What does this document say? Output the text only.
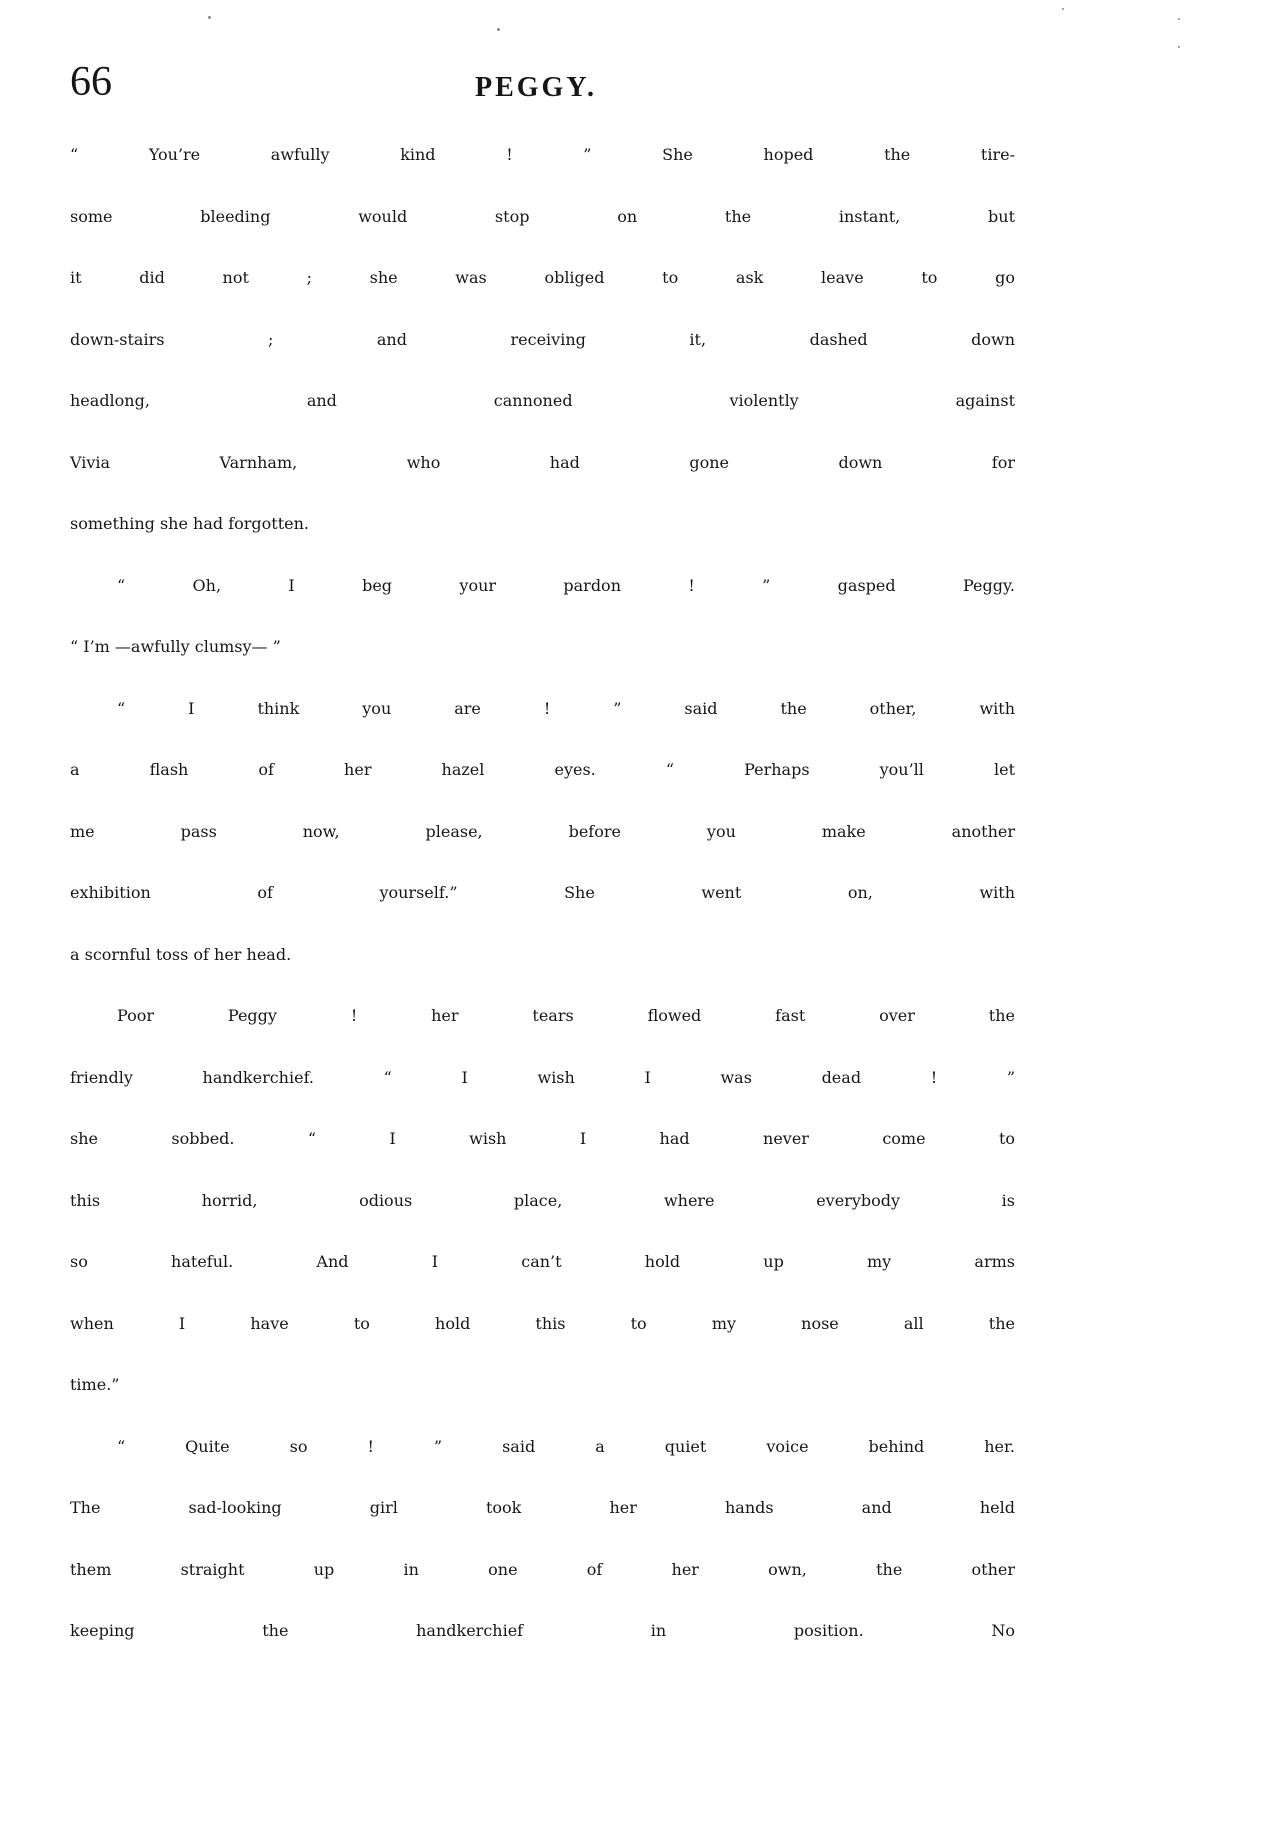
66	PEGGY.
“ You’re awfully kind ! ” She hoped the tire-
some bleeding would stop on the instant, but
it did not ; she was obliged to ask leave to go
down-stairs ; and receiving it, dashed down
headlong, and cannoned violently against
Vivia Varnham, who had gone down for
something she had forgotten.
“ Oh, I beg your pardon ! ” gasped Peggy.
“ I’m —awfully clumsy— ”
“ I think you are ! ” said the other, with
a flash of her hazel eyes. “ Perhaps you’ll let
me pass now, please, before you make another
exhibition of yourself.” She went on, with
a scornful toss of her head.
Poor Peggy ! her tears flowed fast over the
friendly handkerchief. “ I wish I was dead ! ”
she sobbed. “ I wish I had never come to
this horrid, odious place, where everybody is
so hateful. And I can’t hold up my arms
when I have to hold this to my nose all the
time.”
“ Quite so ! ” said a quiet voice behind her.
The sad-looking girl took her hands and held
them straight up in one of her own, the other
keeping the handkerchief in position. No
